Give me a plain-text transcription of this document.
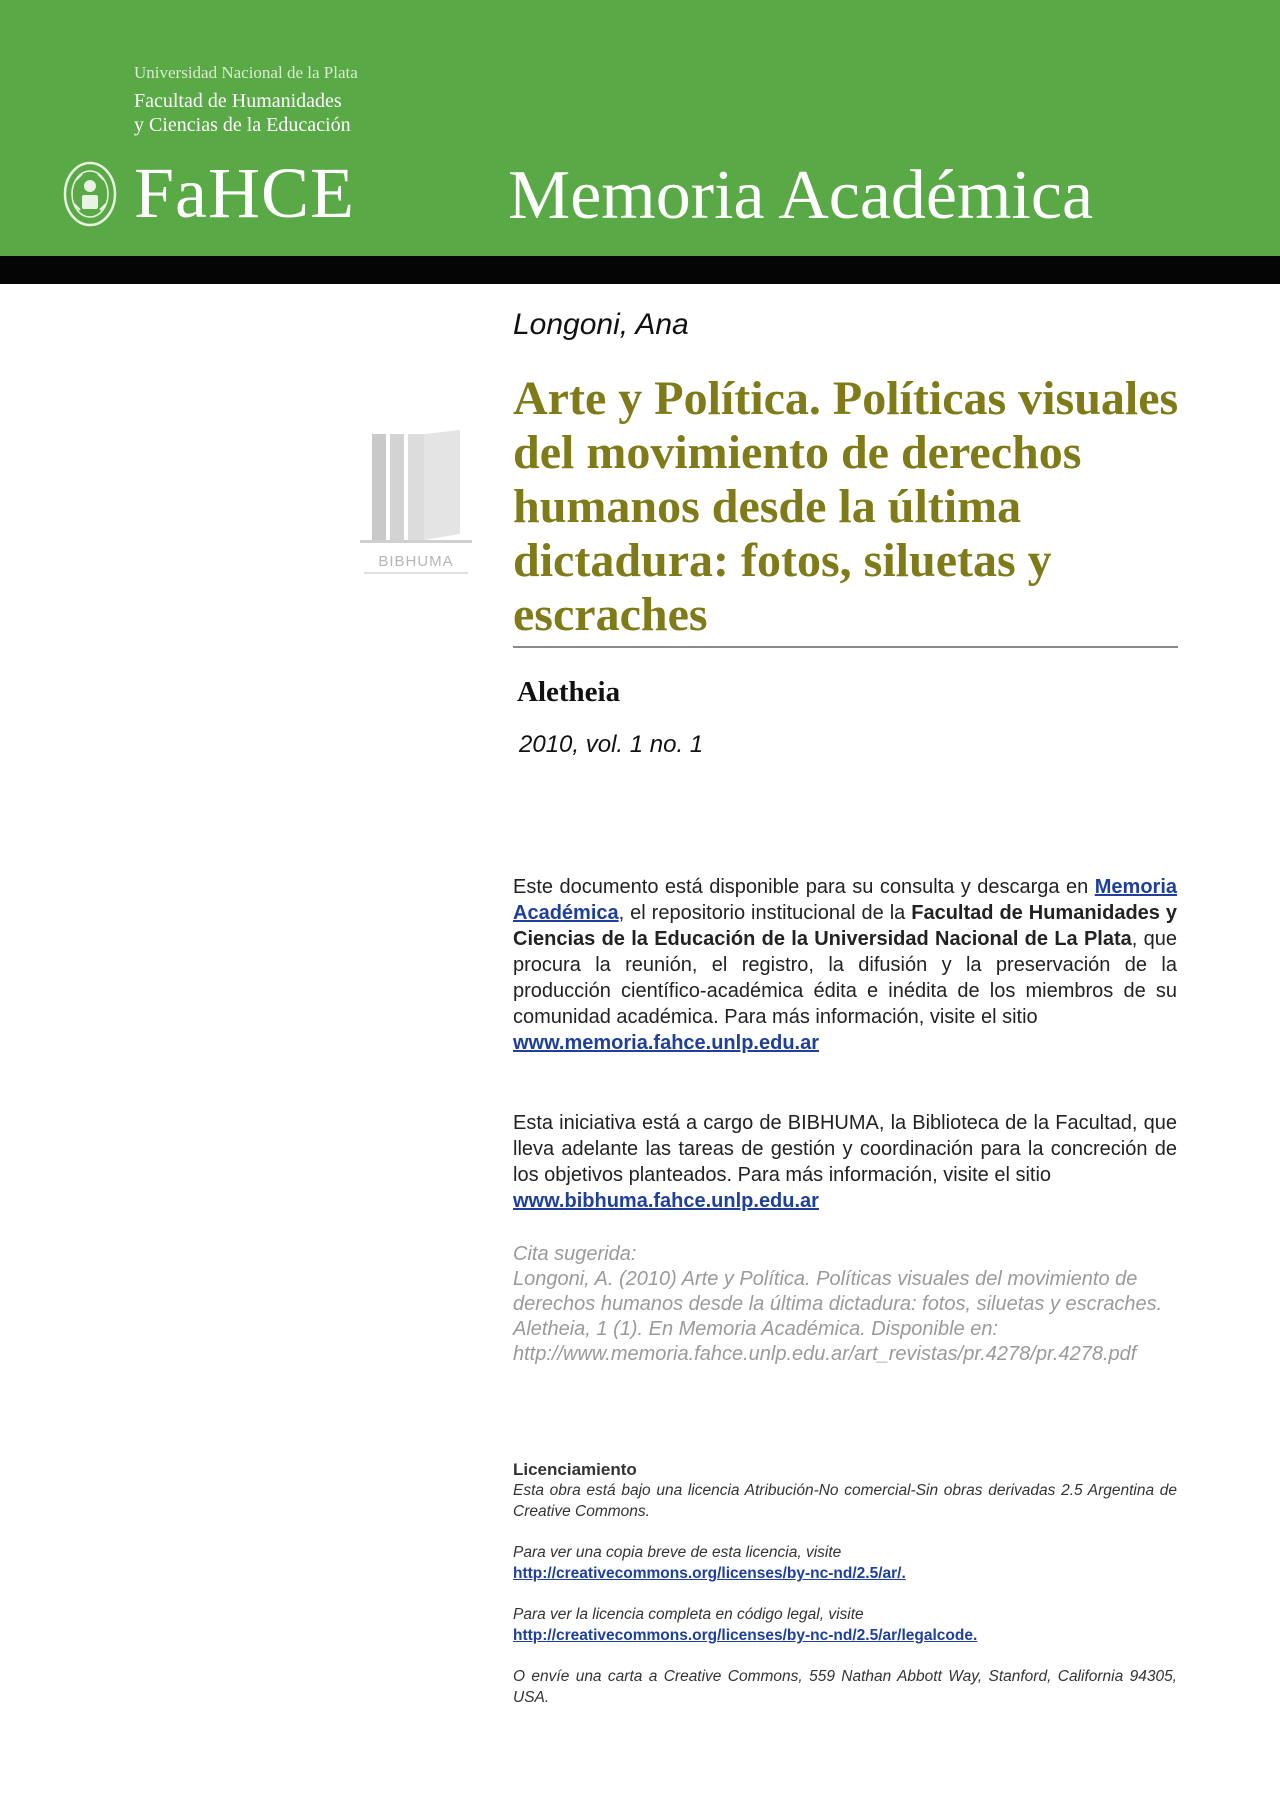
Universidad Nacional de la Plata
Facultad de Humanidades
y Ciencias de la Educación
FaHCE Memoria Académica
BIBHUMA
Longoni, Ana
Arte y Política. Políticas visuales del movimiento de derechos humanos desde la última dictadura: fotos, siluetas y escraches
Aletheia
2010, vol. 1 no. 1

Este documento está disponible para su consulta y descarga en Memoria Académica, el repositorio institucional de la Facultad de Humanidades y Ciencias de la Educación de la Universidad Nacional de La Plata, que procura la reunión, el registro, la difusión y la preservación de la producción científico-académica édita e inédita de los miembros de su comunidad académica. Para más información, visite el sitio

www.memoria.fahce.unlp.edu.ar

Esta iniciativa está a cargo de BIBHUMA, la Biblioteca de la Facultad, que lleva adelante las tareas de gestión y coordinación para la concreción de los objetivos planteados. Para más información, visite el sitio

www.bibhuma.fahce.unlp.edu.ar

Cita sugerida:

Longoni, A. (2010) Arte y Política. Políticas visuales del movimiento de derechos humanos desde la última dictadura: fotos, siluetas y escraches. Aletheia, 1 (1). En Memoria Académica. Disponible en:

http://www.memoria.fahce.unlp.edu.ar/art_revistas/pr.4278/pr.4278.pdf

Licenciamiento
Esta obra está bajo una licencia Atribución-No comercial-Sin obras derivadas 2.5 Argentina de Creative Commons.

Para ver una copia breve de esta licencia, visite

http://creativecommons.org/licenses/by-nc-nd/2.5/ar/.

Para ver la licencia completa en código legal, visite

http://creativecommons.org/licenses/by-nc-nd/2.5/ar/legalcode.

O envíe una carta a Creative Commons, 559 Nathan Abbott Way, Stanford, California 94305, USA.
